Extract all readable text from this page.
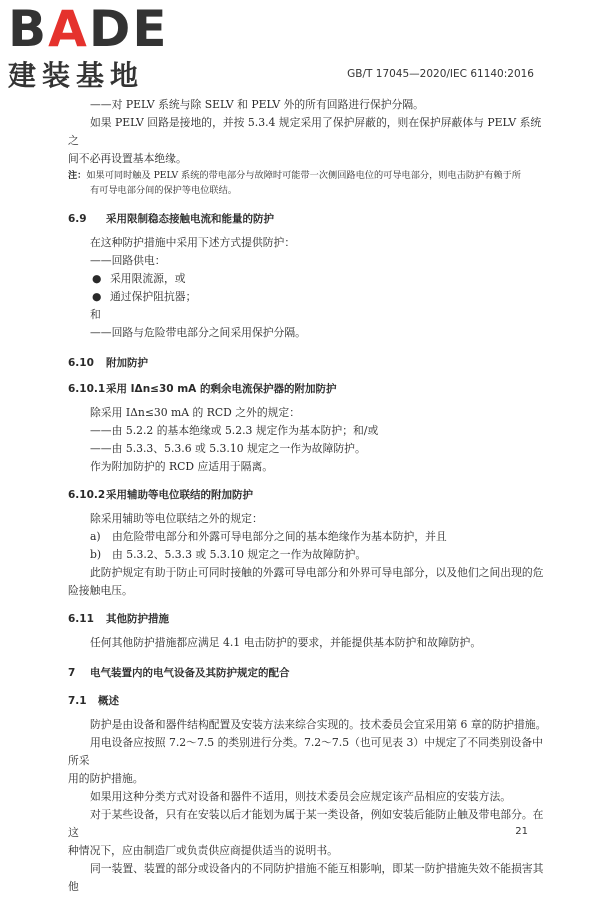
BADE
建装基地	GB/T 17045—2020/IEC 61140:2016

——对 PELV 系统与除 SELV 和 PELV 外的所有回路进行保护分隔。

如果 PELV 回路是接地的，并按 5.3.4 规定采用了保护屏蔽的，则在保护屏蔽体与 PELV 系统之

间不必再设置基本绝缘。

注：如果可同时触及 PELV 系统的带电部分与故障时可能带一次侧回路电位的可导电部分，则电击防护有赖于所

有可导电部分间的保护等电位联结。

6.9 采用限制稳态接触电流和能量的防护

在这种防护措施中采用下述方式提供防护：

——回路供电：

● 采用限流源，或

● 通过保护阻抗器；

和

——回路与危险带电部分之间采用保护分隔。

6.10 附加防护

6.10.1采用 IΔn≤30 mA 的剩余电流保护器的附加防护

除采用 IΔn≤30 mA 的 RCD 之外的规定：

——由 5.2.2 的基本绝缘或 5.2.3 规定作为基本防护；和/或

——由 5.3.3、5.3.6 或 5.3.10 规定之一作为故障防护。

作为附加防护的 RCD 应适用于隔离。

6.10.2采用辅助等电位联结的附加防护

除采用辅助等电位联结之外的规定：

a) 由危险带电部分和外露可导电部分之间的基本绝缘作为基本防护，并且

b) 由 5.3.2、5.3.3 或 5.3.10 规定之一作为故障防护。

此防护规定有助于防止可同时接触的外露可导电部分和外界可导电部分，以及他们之间出现的危

险接触电压。

6.11 其他防护措施

任何其他防护措施都应满足 4.1 电击防护的要求，并能提供基本防护和故障防护。

7 电气装置内的电气设备及其防护规定的配合

7.1 概述

防护是由设备和器件结构配置及安装方法来综合实现的。技术委员会宜采用第 6 章的防护措施。

用电设备应按照 7.2～7.5 的类别进行分类。7.2～7.5（也可见表 3）中规定了不同类别设备中所采

用的防护措施。

如果用这种分类方式对设备和器件不适用，则技术委员会应规定该产品相应的安装方法。

对于某些设备，只有在安装以后才能划为属于某一类设备，例如安装后能防止触及带电部分。在这

种情况下，应由制造厂或负责供应商提供适当的说明书。

同一装置、装置的部分或设备内的不同防护措施不能互相影响，即某一防护措施失效不能损害其他

21
